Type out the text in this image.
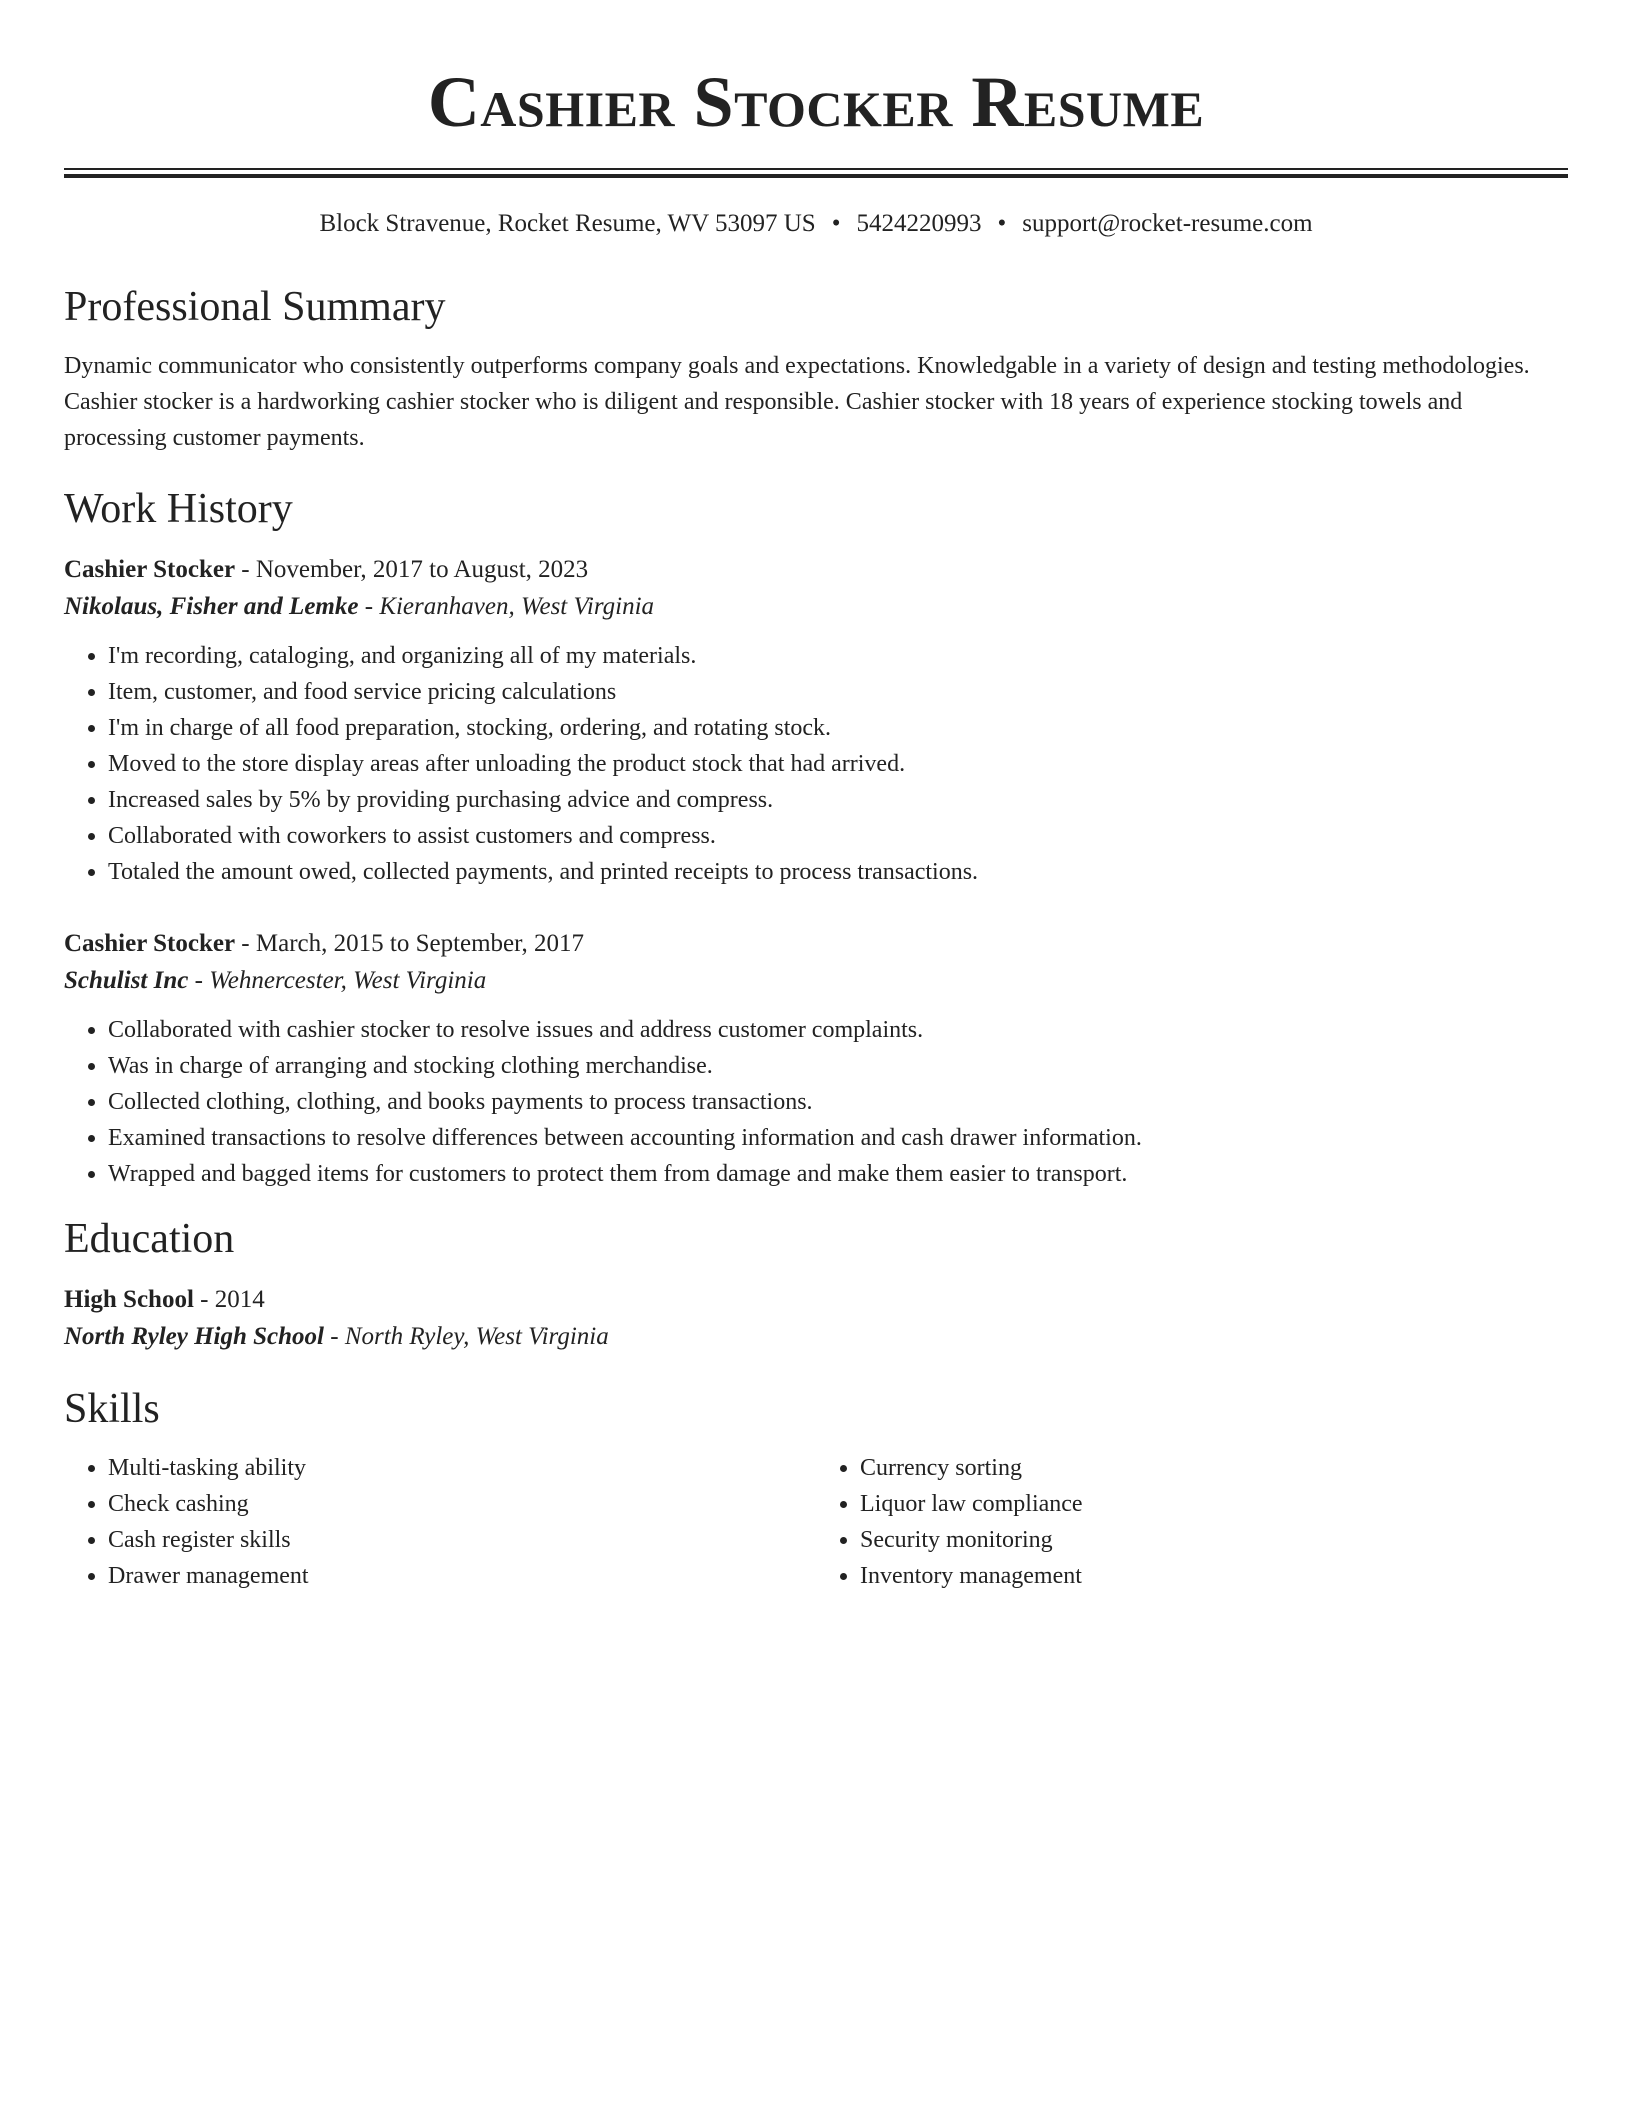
Cashier Stocker Resume
Block Stravenue, Rocket Resume, WV 53097 US • 5424220993 • support@rocket-resume.com
Professional Summary

Dynamic communicator who consistently outperforms company goals and expectations. Knowledgable in a variety of design and testing methodologies. Cashier stocker is a hardworking cashier stocker who is diligent and responsible. Cashier stocker with 18 years of experience stocking towels and processing customer payments.

Work History
Cashier Stocker - November, 2017 to August, 2023
Nikolaus, Fisher and Lemke - Kieranhaven, West Virginia
• I'm recording, cataloging, and organizing all of my materials.
• Item, customer, and food service pricing calculations
• I'm in charge of all food preparation, stocking, ordering, and rotating stock.
• Moved to the store display areas after unloading the product stock that had arrived.
• Increased sales by 5% by providing purchasing advice and compress.
• Collaborated with coworkers to assist customers and compress.
• Totaled the amount owed, collected payments, and printed receipts to process transactions.
Cashier Stocker - March, 2015 to September, 2017
Schulist Inc - Wehnercester, West Virginia
• Collaborated with cashier stocker to resolve issues and address customer complaints.
• Was in charge of arranging and stocking clothing merchandise.
• Collected clothing, clothing, and books payments to process transactions.
• Examined transactions to resolve differences between accounting information and cash drawer information.
• Wrapped and bagged items for customers to protect them from damage and make them easier to transport.
Education
High School - 2014
North Ryley High School - North Ryley, West Virginia
Skills
• Multi-tasking ability
• Check cashing
• Cash register skills
• Drawer management
• Currency sorting
• Liquor law compliance
• Security monitoring
• Inventory management
